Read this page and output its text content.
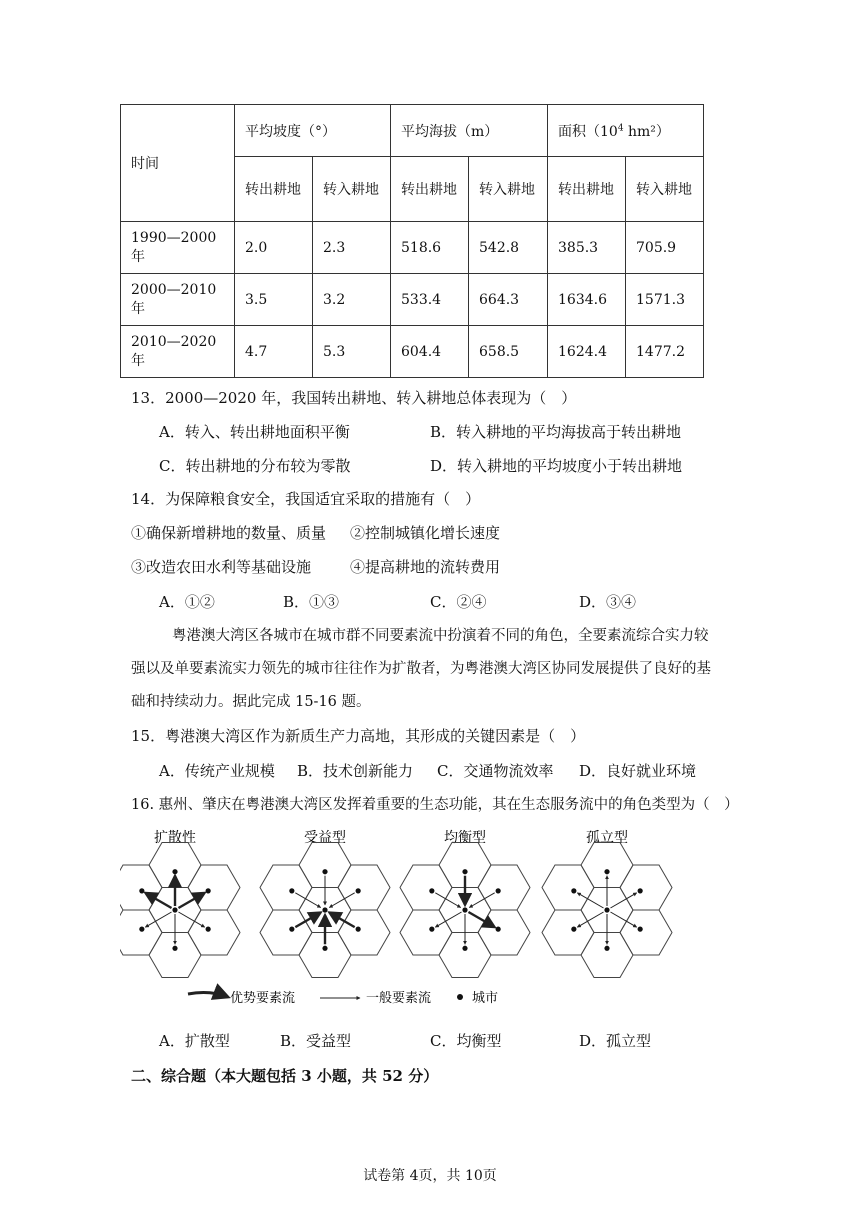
时间	平均坡度（°）		平均海拔（m）		面积（$10^4$ hm²）	
	转出耕地	转入耕地	转出耕地	转入耕地	转出耕地	转入耕地
1990—2000 年	2.0	2.3	518.6	542.8	385.3	705.9
2000—2010 年	3.5	3.2	533.4	664.3	1634.6	1571.3
2010—2020 年	4.7	5.3	604.4	658.5	1624.4	1477.2
13．2000—2020 年，我国转出耕地、转入耕地总体表现为（　）
A．转入、转出耕地面积平衡	B．转入耕地的平均海拔高于转出耕地
C．转出耕地的分布较为零散	D．转入耕地的平均坡度小于转出耕地
14．为保障粮食安全，我国适宜采取的措施有（　）
①确保新增耕地的数量、质量 ②控制城镇化增长速度
③改造农田水利等基础设施	④提高耕地的流转费用
A．①②	B．①③	C．②④	D．③④
粤港澳大湾区各城市在城市群不同要素流中扮演着不同的角色，全要素流综合实力较
强以及单要素流实力领先的城市往往作为扩散者，为粤港澳大湾区协同发展提供了良好的基
础和持续动力。据此完成 15-16 题。
15．粤港澳大湾区作为新质生产力高地，其形成的关键因素是（　）
A．传统产业规模 B．技术创新能力 C．交通物流效率 D．良好就业环境
16. 惠州、肇庆在粤港澳大湾区发挥着重要的生态功能，其在生态服务流中的角色类型为（　）
扩散性	受益型	均衡型	孤立型
优势要素流	一般要素流	城市
A．扩散型	B．受益型	C．均衡型	D．孤立型
二、综合题（本大题包括 3 小题，共 52 分）
试卷第 4页，共 10页
